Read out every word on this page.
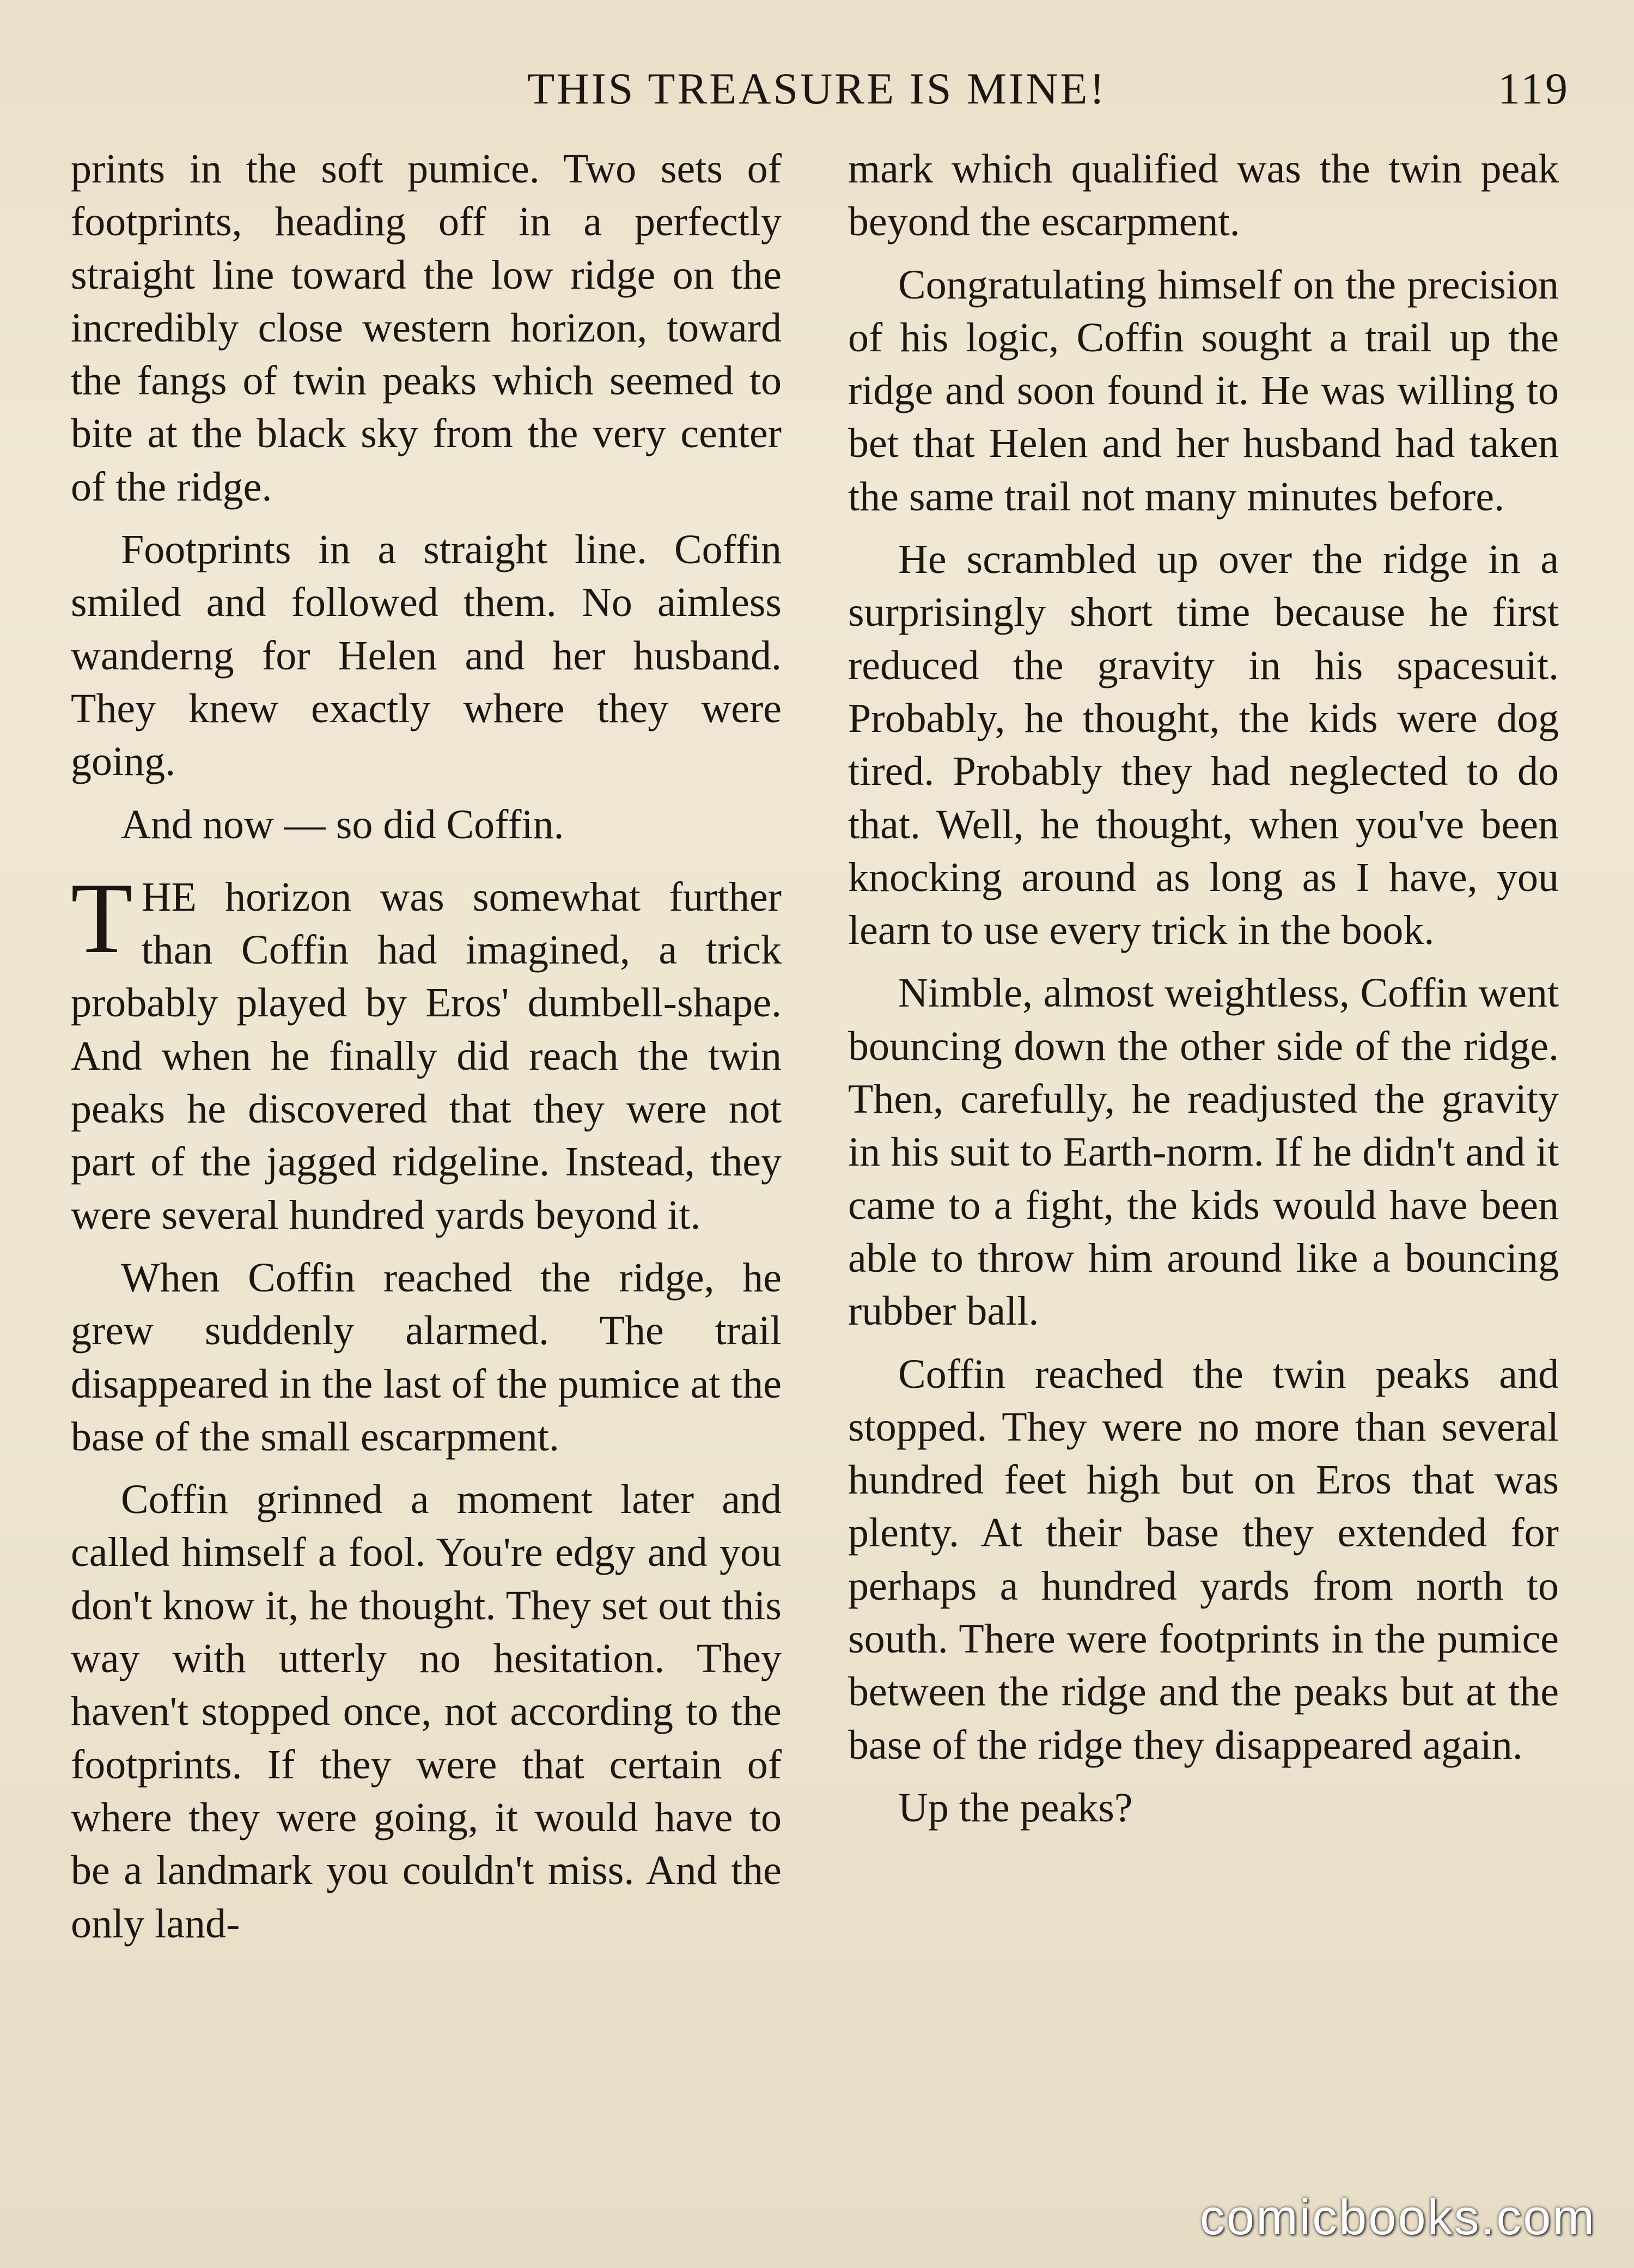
THIS TREASURE IS MINE!	119

prints in the soft pumice. Two sets of footprints, heading off in a perfectly straight line toward the low ridge on the incredibly close western horizon, toward the fangs of twin peaks which seemed to bite at the black sky from the very center of the ridge.

Footprints in a straight line. Coffin smiled and followed them. No aimless wanderng for Helen and her husband. They knew exactly where they were going.

And now — so did Coffin.

THE horizon was somewhat further than Coffin had imagined, a trick probably played by Eros' dumbell-shape. And when he finally did reach the twin peaks he discovered that they were not part of the jagged ridgeline. Instead, they were several hundred yards beyond it.

When Coffin reached the ridge, he grew suddenly alarmed. The trail disappeared in the last of the pumice at the base of the small escarpment.

Coffin grinned a moment later and called himself a fool. You're edgy and you don't know it, he thought. They set out this way with utterly no hesitation. They haven't stopped once, not according to the footprints. If they were that certain of where they were going, it would have to be a landmark you couldn't miss. And the only land-

mark which qualified was the twin peak beyond the escarpment.

Congratulating himself on the precision of his logic, Coffin sought a trail up the ridge and soon found it. He was willing to bet that Helen and her husband had taken the same trail not many minutes before.

He scrambled up over the ridge in a surprisingly short time because he first reduced the gravity in his spacesuit. Probably, he thought, the kids were dog tired. Probably they had neglected to do that. Well, he thought, when you've been knocking around as long as I have, you learn to use every trick in the book.

Nimble, almost weightless, Coffin went bouncing down the other side of the ridge. Then, carefully, he readjusted the gravity in his suit to Earth-norm. If he didn't and it came to a fight, the kids would have been able to throw him around like a bouncing rubber ball.

Coffin reached the twin peaks and stopped. They were no more than several hundred feet high but on Eros that was plenty. At their base they extended for perhaps a hundred yards from north to south. There were footprints in the pumice between the ridge and the peaks but at the base of the ridge they disappeared again.

Up the peaks?

comicbooks.com
